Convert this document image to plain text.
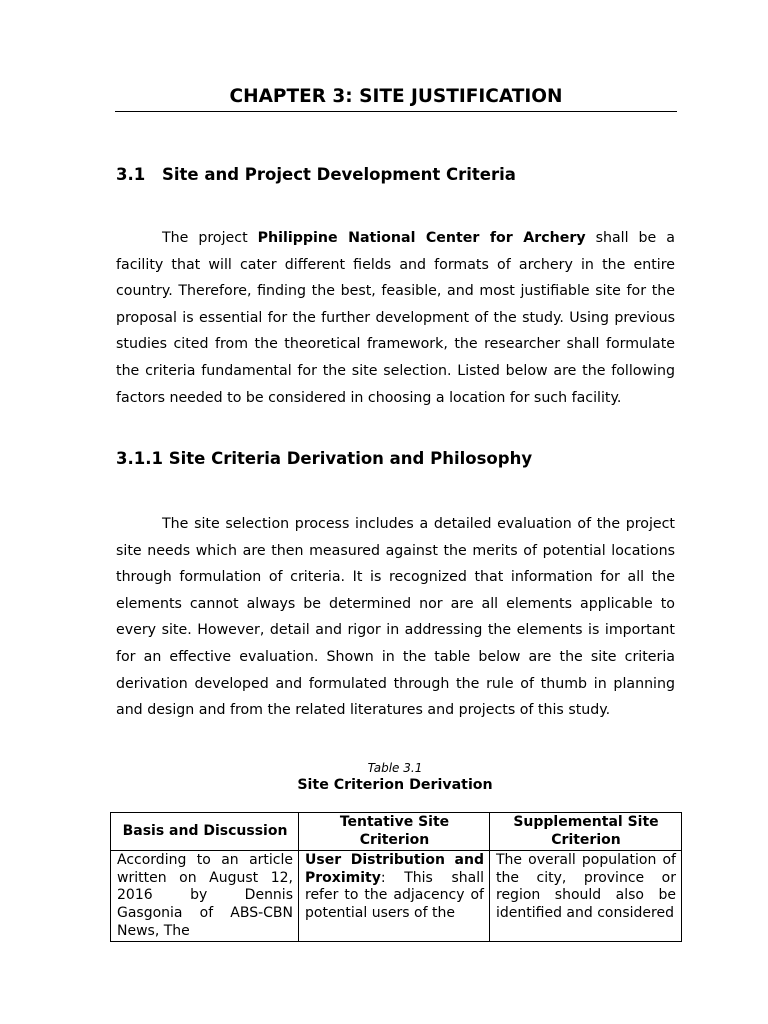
CHAPTER 3: SITE JUSTIFICATION
3.1 Site and Project Development Criteria

The project Philippine National Center for Archery shall be a facility that will cater different fields and formats of archery in the entire country. Therefore, finding the best, feasible, and most justifiable site for the proposal is essential for the further development of the study. Using previous studies cited from the theoretical framework, the researcher shall formulate the criteria fundamental for the site selection. Listed below are the following factors needed to be considered in choosing a location for such facility.

3.1.1 Site Criteria Derivation and Philosophy

The site selection process includes a detailed evaluation of the project site needs which are then measured against the merits of potential locations through formulation of criteria. It is recognized that information for all the elements cannot always be determined nor are all elements applicable to every site. However, detail and rigor in addressing the elements is important for an effective evaluation. Shown in the table below are the site criteria derivation developed and formulated through the rule of thumb in planning and design and from the related literatures and projects of this study.

Table 3.1
Site Criterion Derivation
Basis and Discussion	Tentative Site Criterion	Supplemental Site Criterion
According to an article written on August 12, 2016 by Dennis Gasgonia of ABS-CBN News, The	User Distribution and Proximity: This shall refer to the adjacency of potential users of the	The overall population of the city, province or region should also be identified and considered
